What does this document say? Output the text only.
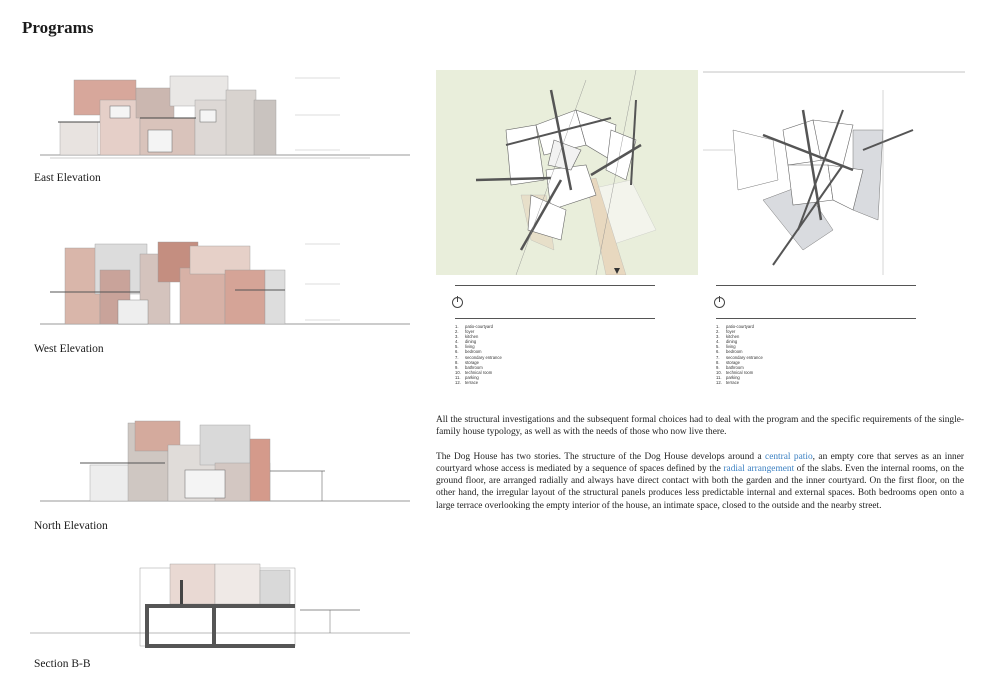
Programs
East Elevation
West Elevation
North Elevation
Section B-B
1. patio-courtyard
2. foyer
3. kitchen
4. dining
5. living
6. bedroom
7. secondary entrance
8. storage
9. bathroom
10. technical room
11. parking
12. terrace
1. patio-courtyard
2. foyer
3. kitchen
4. dining
5. living
6. bedroom
7. secondary entrance
8. storage
9. bathroom
10. technical room
11. parking
12. terrace

All the structural investigations and the subsequent formal choices had to deal with the program and the specific requirements of the single-family house typology, as well as with the needs of those who now live there.

The Dog House has two stories. The structure of the Dog House develops around a central patio, an empty core that serves as an inner courtyard whose access is mediated by a sequence of spaces defined by the radial arrangement of the slabs. Even the internal rooms, on the ground floor, are arranged radially and always have direct contact with both the garden and the inner courtyard. On the first floor, on the other hand, the irregular layout of the structural panels produces less predictable internal and external spaces. Both bedrooms open onto a large terrace overlooking the empty interior of the house, an intimate space, closed to the outside and the nearby street.
